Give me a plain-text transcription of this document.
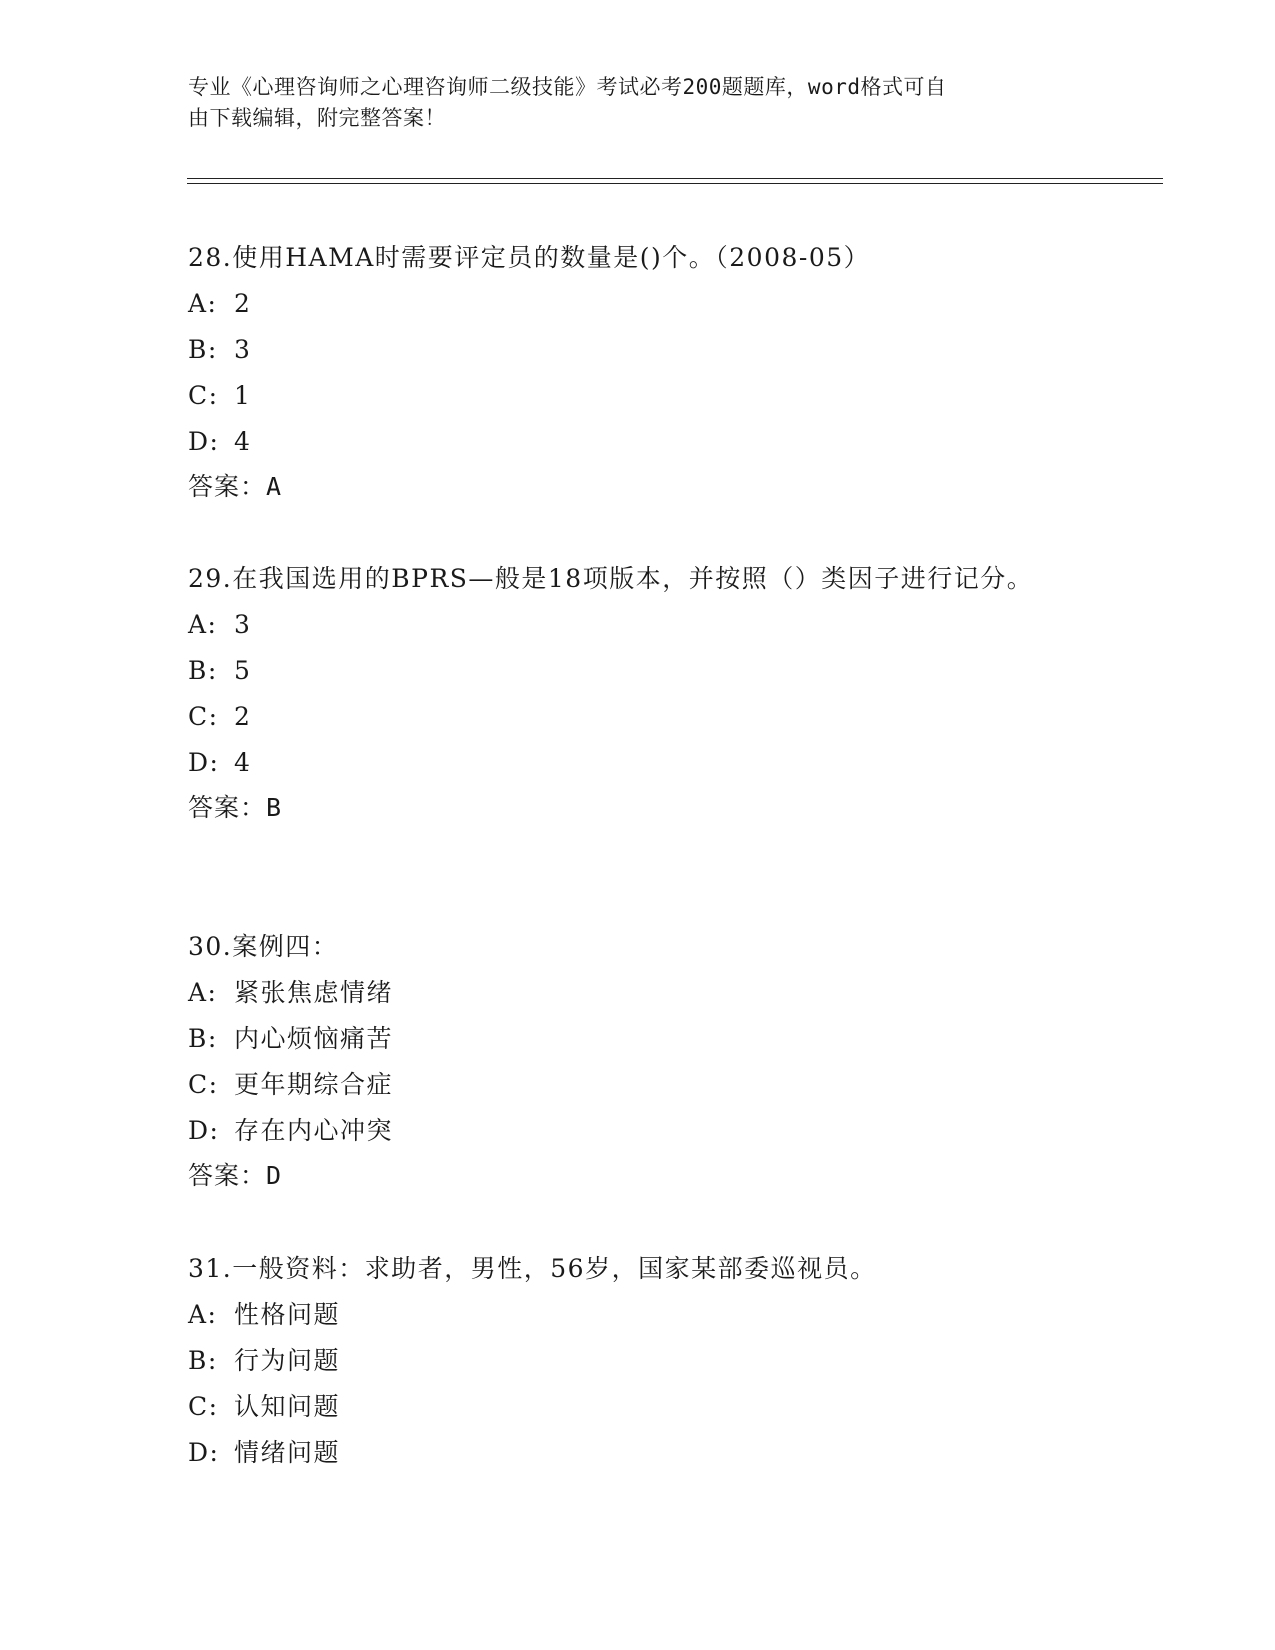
专业《心理咨询师之心理咨询师二级技能》考试必考200题题库，word格式可自
由下载编辑，附完整答案！
28.使用HAMA时需要评定员的数量是()个。（2008-05）
A: 2
B: 3
C: 1
D: 4
答案：A
29.在我国选用的BPRS—般是18项版本，并按照（）类因子进行记分。
A: 3
B: 5
C: 2
D: 4
答案：B
30.案例四：
A: 紧张焦虑情绪
B: 内心烦恼痛苦
C: 更年期综合症
D: 存在内心冲突
答案：D
31.一般资料：求助者，男性，56岁，国家某部委巡视员。
A: 性格问题
B: 行为问题
C: 认知问题
D: 情绪问题
